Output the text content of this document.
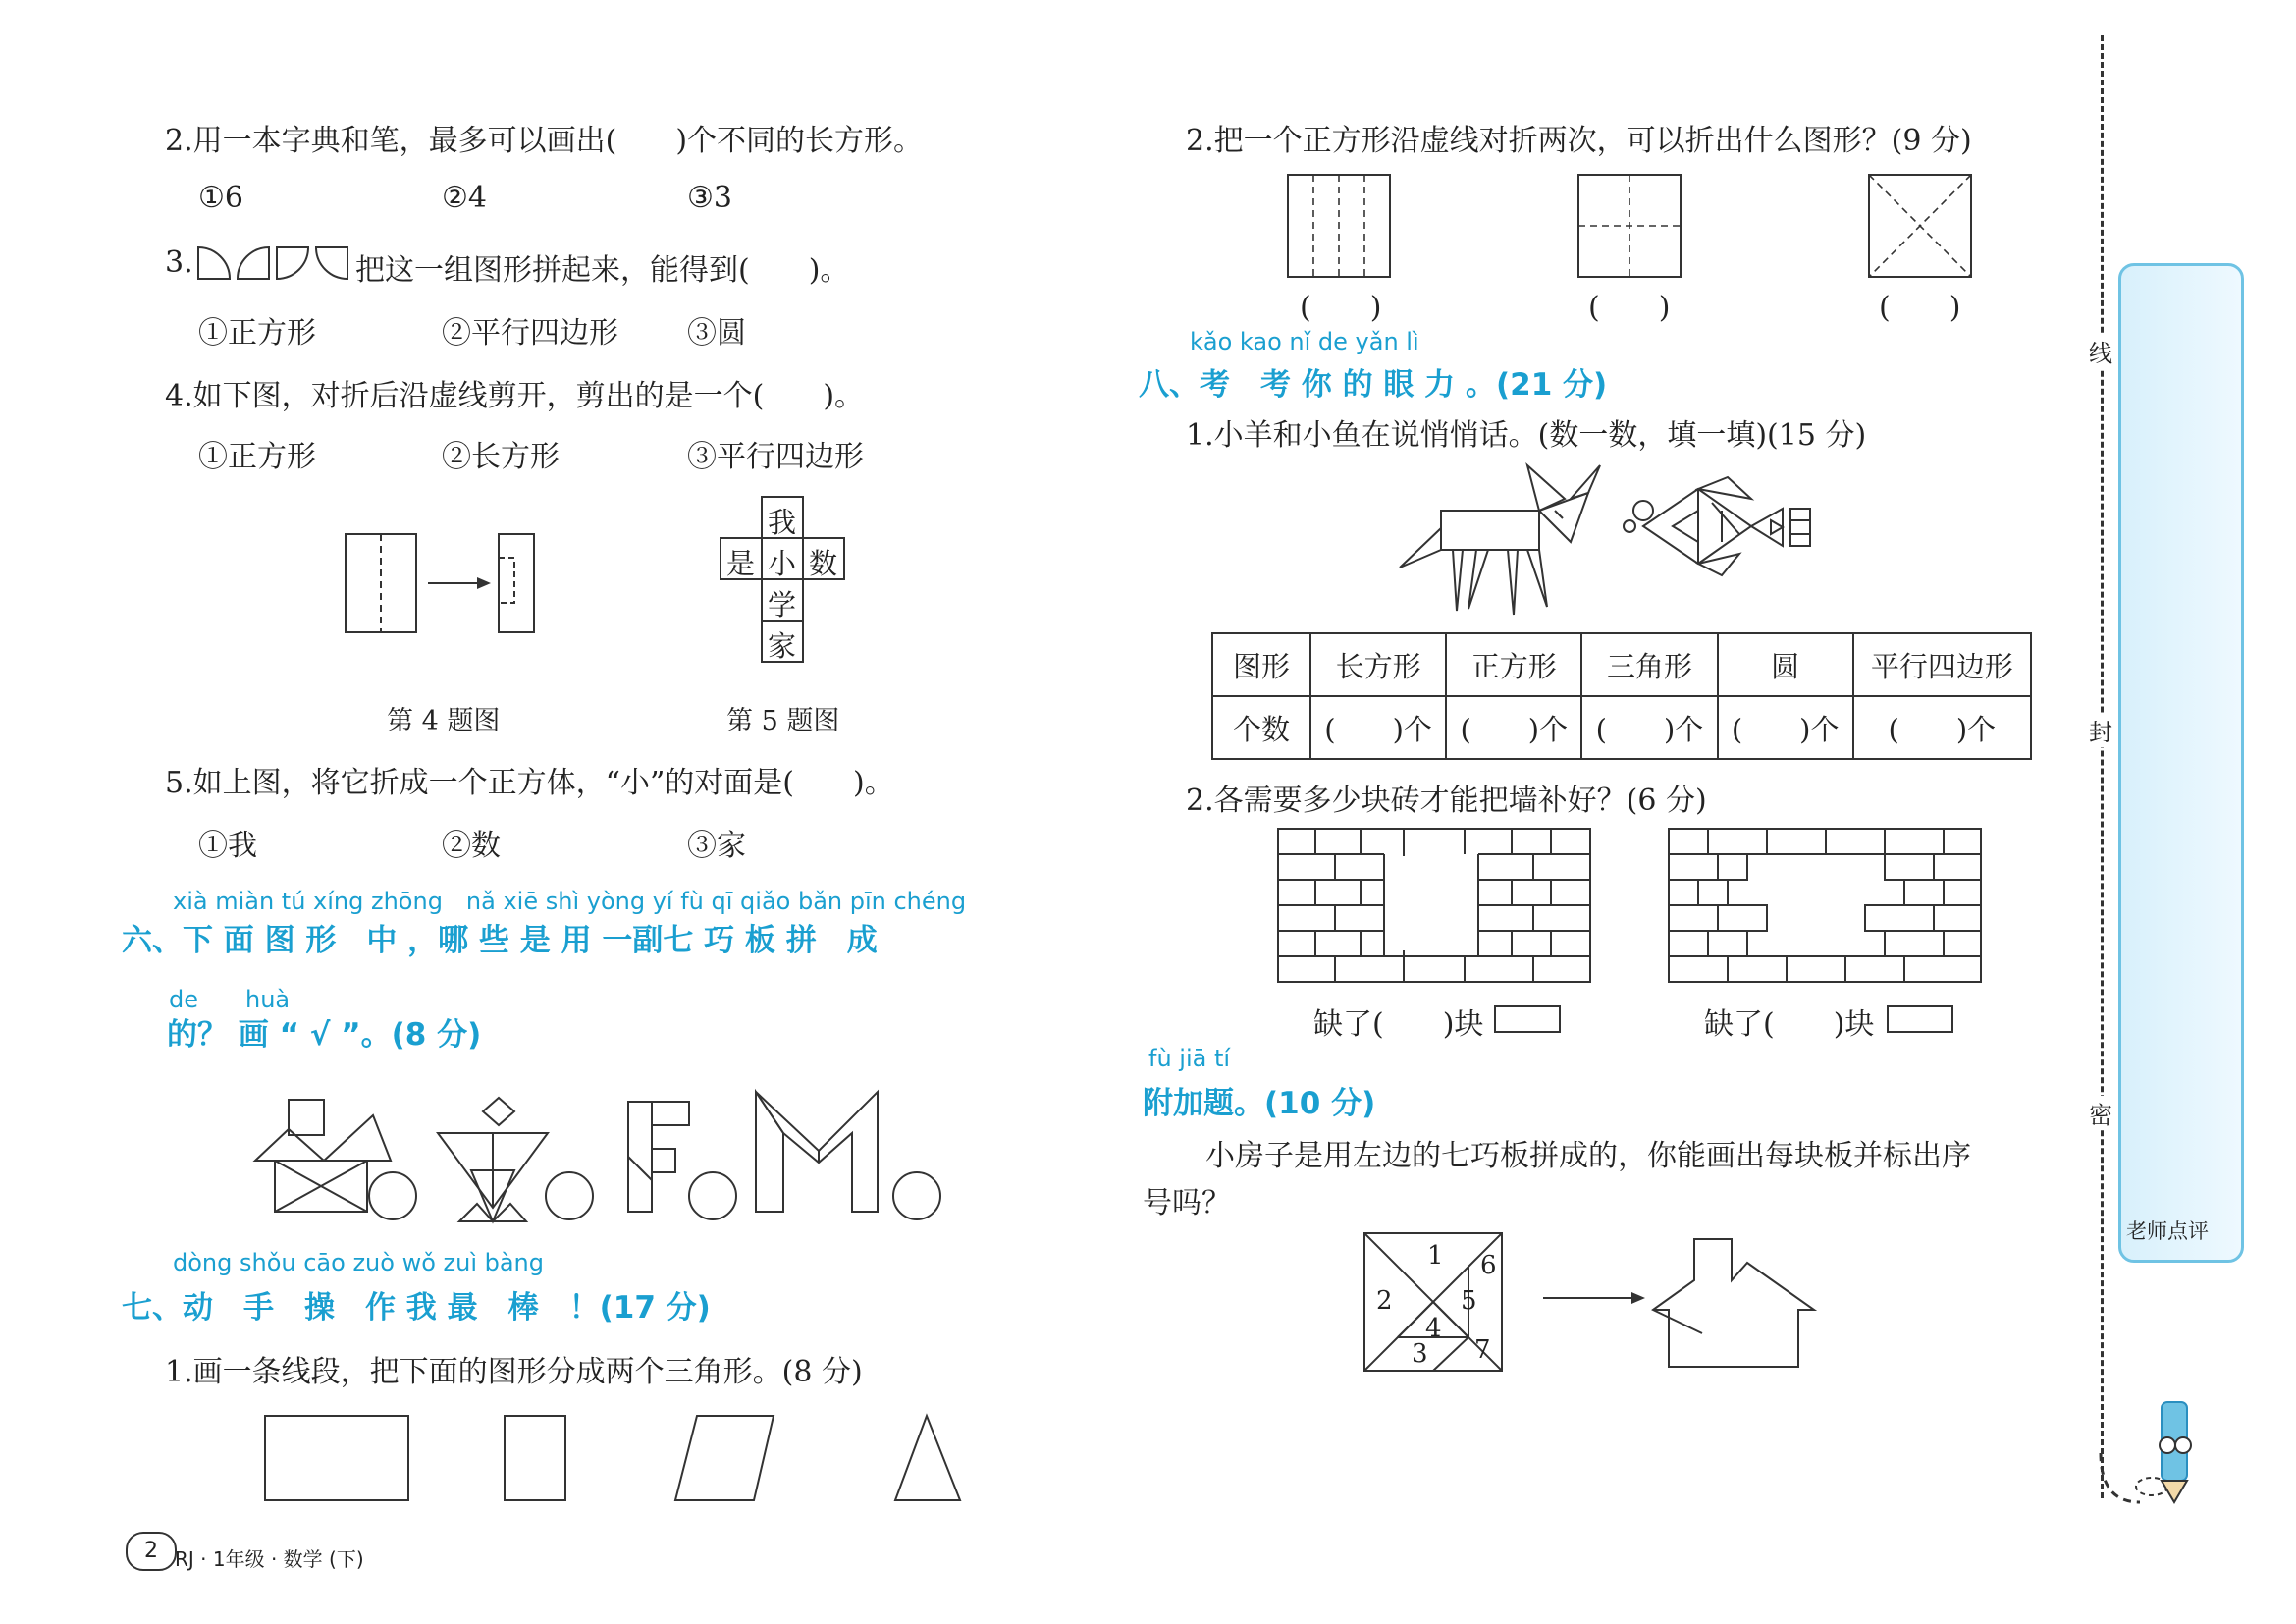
2.用一本字典和笔，最多可以画出(　　)个不同的长方形。
①6	②4	③3
3.	把这一组图形拼起来，能得到(　　)。
①正方形	②平行四边形 ③圆
4.如下图，对折后沿虚线剪开，剪出的是一个(　　)。
①正方形	②长方形	③平行四边形
我
是 小 数
学
家
第 4 题图	第 5 题图
5.如上图，将它折成一个正方体，“小”的对面是(　　)。
①我	②数	③家
xià miàn tú xíng zhōng　nǎ xiē shì yòng yí fù qī qiǎo bǎn pīn chéng
六、下 面 图 形　中 ，哪 些 是 用 一副七 巧 板 拼　成
de　　huà
的？ 画 “ √ ”。(8 分)
dòng shǒu cāo zuò wǒ zuì bàng
七、动　手　操　作 我 最　棒　！(17 分)
1.画一条线段，把下面的图形分成两个三角形。(8 分)
2 RJ · 1年级 · 数学 (下)
2.把一个正方形沿虚线对折两次，可以折出什么图形？(9 分)
(　　)	(　　)	(　　)
kǎo kao nǐ de yǎn lì
八、考　考 你 的 眼 力 。(21 分)
1.小羊和小鱼在说悄悄话。(数一数，填一填)(15 分)
图形	长方形	正方形	三角形	圆	平行四边形
个数	(　　)个	(　　)个	(　　)个	(　　)个	(　　)个
2.各需要多少块砖才能把墙补好？(6 分)
缺了(　　)块	缺了(　　)块
fù jiā tí
附加题。(10 分)
小房子是用左边的七巧板拼成的，你能画出每块板并标出序
号吗？
1
2
3
4
5
6
7
线
封
密
老师点评
